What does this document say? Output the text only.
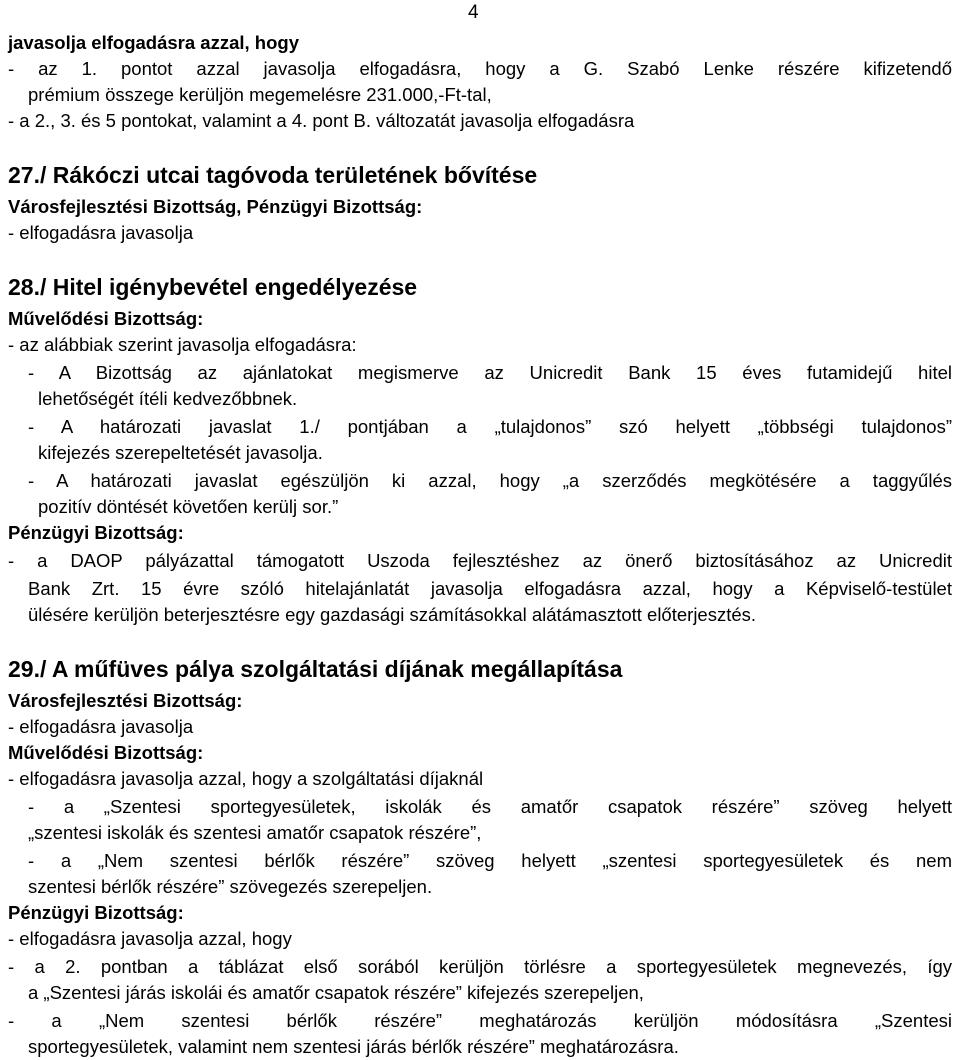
4
javasolja elfogadásra azzal, hogy
- az 1. pontot azzal javasolja elfogadásra, hogy a G. Szabó Lenke részére kifizetendő
prémium összege kerüljön megemelésre 231.000,-Ft-tal,
- a 2., 3. és 5 pontokat, valamint a 4. pont B. változatát javasolja elfogadásra
27./ Rákóczi utcai tagóvoda területének bővítése
Városfejlesztési Bizottság, Pénzügyi Bizottság:
- elfogadásra javasolja
28./ Hitel igénybevétel engedélyezése
Művelődési Bizottság:
- az alábbiak szerint javasolja elfogadásra:
- A Bizottság az ajánlatokat megismerve az Unicredit Bank 15 éves futamidejű hitel
lehetőségét ítéli kedvezőbbnek.
- A határozati javaslat 1./ pontjában a „tulajdonos” szó helyett „többségi tulajdonos”
kifejezés szerepeltetését javasolja.
- A határozati javaslat egészüljön ki azzal, hogy „a szerződés megkötésére a taggyűlés
pozitív döntését követően kerülj sor.”
Pénzügyi Bizottság:
- a DAOP pályázattal támogatott Uszoda fejlesztéshez az önerő biztosításához az Unicredit
Bank Zrt. 15 évre szóló hitelajánlatát javasolja elfogadásra azzal, hogy a Képviselő-testület
ülésére kerüljön beterjesztésre egy gazdasági számításokkal alátámasztott előterjesztés.
29./ A műfüves pálya szolgáltatási díjának megállapítása
Városfejlesztési Bizottság:
- elfogadásra javasolja
Művelődési Bizottság:
- elfogadásra javasolja azzal, hogy a szolgáltatási díjaknál
- a „Szentesi sportegyesületek, iskolák és amatőr csapatok részére” szöveg helyett
„szentesi iskolák és szentesi amatőr csapatok részére”,
- a „Nem szentesi bérlők részére” szöveg helyett „szentesi sportegyesületek és nem
szentesi bérlők részére” szövegezés szerepeljen.
Pénzügyi Bizottság:
- elfogadásra javasolja azzal, hogy
- a 2. pontban a táblázat első sorából kerüljön törlésre a sportegyesületek megnevezés, így
a „Szentesi járás iskolái és amatőr csapatok részére” kifejezés szerepeljen,
- a „Nem szentesi bérlők részére” meghatározás kerüljön módosításra „Szentesi
sportegyesületek, valamint nem szentesi járás bérlők részére” meghatározásra.
